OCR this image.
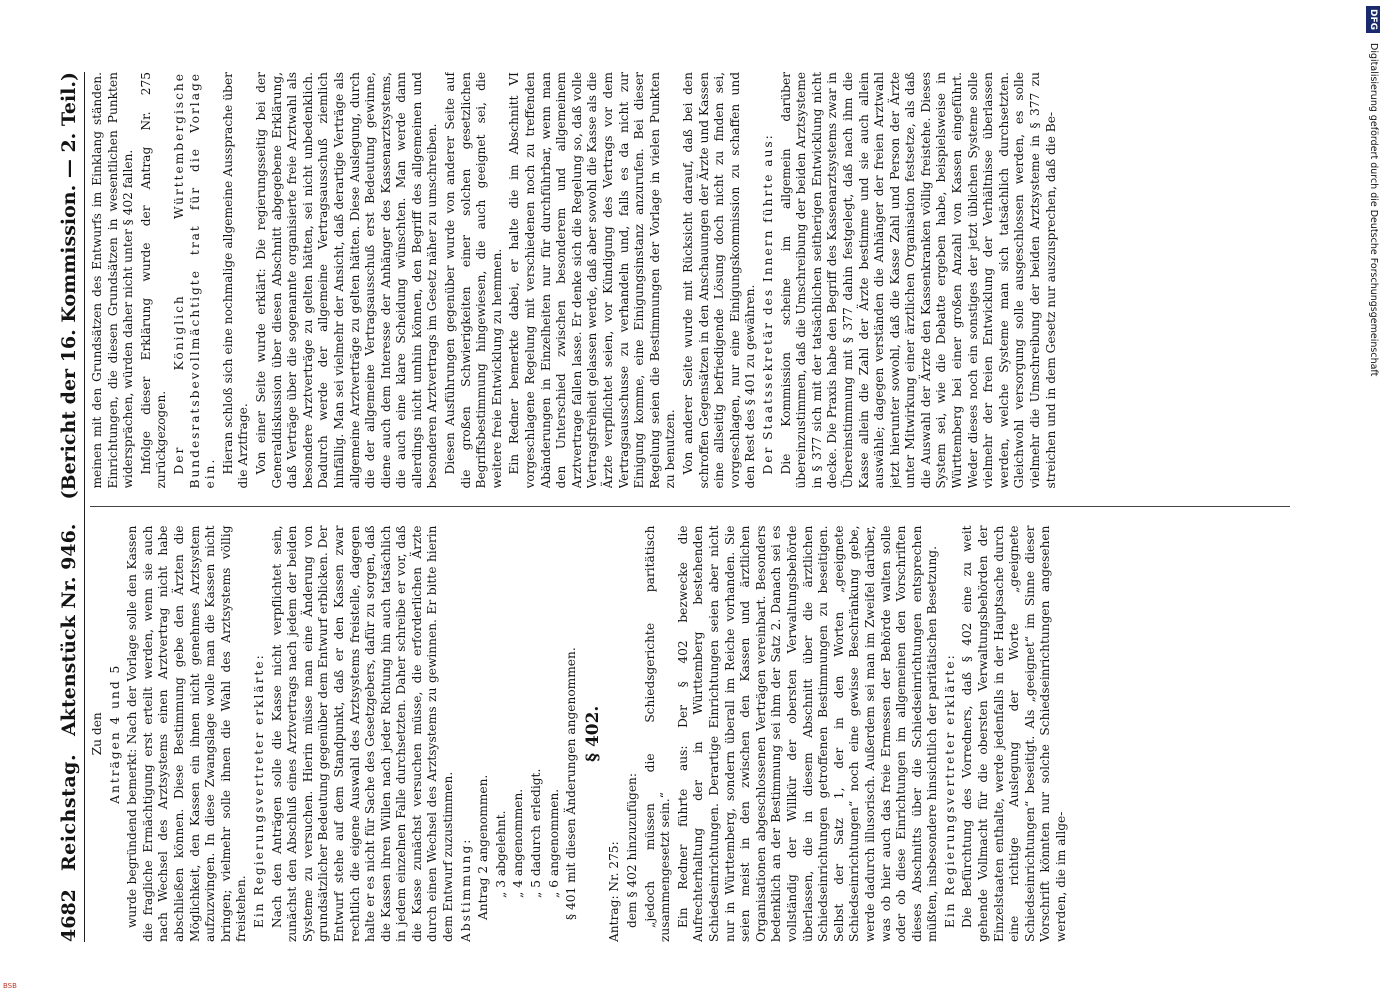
4682
Reichstag.
Aktenstück Nr. 946.
(Bericht der 16. Kommission. — 2. Teil.)

Zu den Anträgen 4 und 5 wurde begründend bemerkt: Nach der Vorlage solle den Kassen die fragliche Ermächtigung erst erteilt werden, wenn sie auch nach Wechsel des Arztsystems einen Arztvertrag nicht habe abschließen können. Diese Bestimmung gebe den Ärzten die Möglichkeit, den Kassen ein ihnen nicht genehmes Arztsystem aufzuzwingen. In diese Zwangslage wolle man die Kassen nicht bringen; vielmehr solle ihnen die Wahl des Arztsystems völlig freistehen. Ein Regierungsvertreter erklärte: Nach den Anträgen solle die Kasse nicht verpflichtet sein, zunächst den Abschluß eines Arztvertrags nach jedem der beiden Systeme zu versuchen. Hierin müsse man eine Änderung von grundsätzlicher Bedeutung gegenüber dem Entwurf erblicken. Der Entwurf stehe auf dem Standpunkt, daß er den Kassen zwar rechtlich die eigene Auswahl des Arztsystems freistelle, dagegen halte er es nicht für Sache des Gesetzgebers, dafür zu sorgen, daß die Kassen ihren Willen nach jeder Richtung hin auch tatsächlich in jedem einzelnen Falle durchsetzten. Daher schreibe er vor, daß die Kasse zunächst versuchen müsse, die erforderlichen Ärzte durch einen Wechsel des Arztsystems zu gewinnen. Er bitte hierin dem Entwurf zuzustimmen. Abstimmung: Antrag 2 angenommen. „ 3 abgelehnt. „ 4 angenommen. „ 5 dadurch erledigt. „ 6 angenommen. § 401 mit diesen Änderungen angenommen. § 402.

Antrag: Nr. 275: dem § 402 hinzuzufügen: „jedoch müssen die Schiedsgerichte paritätisch zusammengesetzt sein.“ Ein Redner führte aus: Der § 402 bezwecke die Aufrechterhaltung der in Württemberg bestehenden Schiedseinrichtungen. Derartige Einrichtungen seien aber nicht nur in Württemberg, sondern überall im Reiche vorhanden. Sie seien meist in den zwischen den Kassen und ärztlichen Organisationen abgeschlossenen Verträgen vereinbart. Besonders bedenklich an der Bestimmung sei ihm der Satz 2. Danach sei es vollständig der Willkür der obersten Verwaltungsbehörde überlassen, die in diesem Abschnitt über die ärztlichen Schiedseinrichtungen getroffenen Bestimmungen zu beseitigen. Selbst der Satz 1, der in den Worten „geeignete Schiedseinrichtungen“ noch eine gewisse Beschränkung gebe, werde dadurch illusorisch. Außerdem sei man im Zweifel darüber, was ob hier auch das freie Ermessen der Behörde walten solle oder ob diese Einrichtungen im allgemeinen den Vorschriften dieses Abschnitts über die Schiedseinrichtungen entsprechen müßten, insbesondere hinsichtlich der paritätischen Besetzung. Ein Regierungsvertreter erklärte: Die Befürchtung des Vorredners, daß § 402 eine zu weit gehende Vollmacht für die obersten Verwaltungsbehörden der Einzelstaaten enthalte, werde jedenfalls in der Hauptsache durch eine richtige Auslegung der Worte „geeignete Schiedseinrichtungen“ beseitigt. Als „geeignet“ im Sinne dieser Vorschrift könnten nur solche Schiedseinrichtungen angesehen werden, die im allge-

meinen mit den Grundsätzen des Entwurfs im Einklang ständen. Einrichtungen, die diesen Grundsätzen in wesentlichen Punkten widersprächen, würden daher nicht unter § 402 fallen. Infolge dieser Erklärung wurde der Antrag Nr. 275 zurückgezogen. Der Königlich Württembergische Bundesratsbevollmächtigte trat für die Vorlage ein. Hieran schloß sich eine nochmalige allgemeine Aussprache über die Arztfrage. Von einer Seite wurde erklärt: Die regierungsseitig bei der Generaldiskussion über diesen Abschnitt abgegebene Erklärung, daß Verträge über die sogenannte organisierte freie Arztwahl als besondere Arztverträge zu gelten hätten, sei nicht unbedenklich. Dadurch werde der allgemeine Vertragsausschuß ziemlich hinfällig. Man sei vielmehr der Ansicht, daß derartige Verträge als allgemeine Arztverträge zu gelten hätten. Diese Auslegung, durch die der allgemeine Vertragsausschuß erst Bedeutung gewinne, diene auch dem Interesse der Anhänger des Kassenarztsystems, die auch eine klare Scheidung wünschten. Man werde dann allerdings nicht umhin können, den Begriff des allgemeinen und besonderen Arztvertrags im Gesetz näher zu umschreiben. Diesen Ausführungen gegenüber wurde von anderer Seite auf die großen Schwierigkeiten einer solchen gesetzlichen Begriffsbestimmung hingewiesen, die auch geeignet sei, die weitere freie Entwicklung zu hemmen. Ein Redner bemerkte dabei, er halte die im Abschnitt VI vorgeschlagene Regelung mit verschiedenen noch zu treffenden Abänderungen in Einzelheiten nur für durchführbar, wenn man den Unterschied zwischen besonderem und allgemeinem Arztvertrage fallen lasse. Er denke sich die Regelung so, daß volle Vertragsfreiheit gelassen werde, daß aber sowohl die Kasse als die Ärzte verpflichtet seien, vor Kündigung des Vertrags vor dem Vertragsausschusse zu verhandeln und, falls es da nicht zur Einigung komme, eine Einigungsinstanz anzurufen. Bei dieser Regelung seien die Bestimmungen der Vorlage in vielen Punkten zu benutzen. Von anderer Seite wurde mit Rücksicht darauf, daß bei den schroffen Gegensätzen in den Anschauungen der Ärzte und Kassen eine allseitig befriedigende Lösung doch nicht zu finden sei, vorgeschlagen, nur eine Einigungskommission zu schaffen und den Rest des § 401 zu gewähren. Der Staatssekretär des Innern führte aus: Die Kommission scheine im allgemein darüber übereinzustimmen, daß die Umschreibung der beiden Arztsysteme in § 377 sich mit der tatsächlichen seitherigen Entwicklung nicht decke. Die Praxis habe den Begriff des Kassenarztsystems zwar in Übereinstimmung mit § 377 dahin festgelegt, daß nach ihm die Kasse allein die Zahl der Ärzte bestimme und sie auch allein auswähle; dagegen verständen die Anhänger der freien Arztwahl jetzt hierunter sowohl, daß die Kasse Zahl und Person der Ärzte unter Mitwirkung einer ärztlichen Organisation festsetze, als daß die Auswahl der Ärzte den Kassenkranken völlig freistehe. Dieses System sei, wie die Debatte ergeben habe, beispielsweise in Württemberg bei einer großen Anzahl von Kassen eingeführt. Weder dieses noch ein sonstiges der jetzt üblichen Systeme solle vielmehr der freien Entwicklung der Verhältnisse überlassen werden, welche Systeme man sich tatsächlich durchsetzten. Gleichwohl versorgung solle ausgeschlossen werden, es solle vielmehr die Umschreibung der beiden Arztsysteme in § 377 zu streichen und in dem Gesetz nur auszusprechen, daß die Be-

DFG
Digitalisierung gefördert durch die Deutsche Forschungsgemeinschaft
BSB
